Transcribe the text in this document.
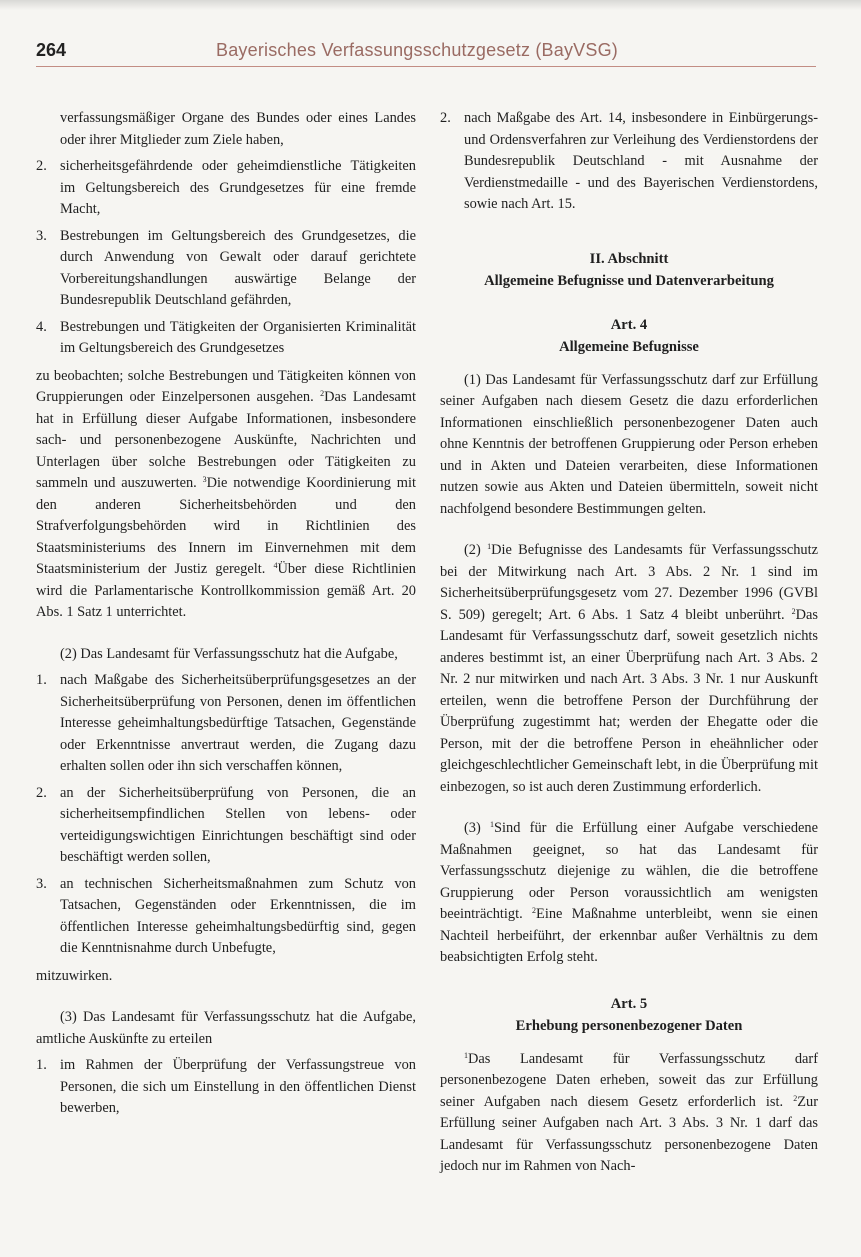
264	Bayerisches Verfassungsschutzgesetz (BayVSG)

verfassungsmäßiger Organe des Bundes oder eines Landes oder ihrer Mitglieder zum Ziele haben,

2. sicherheitsgefährdende oder geheimdienstliche Tätigkeiten im Geltungsbereich des Grundgesetzes für eine fremde Macht,
3. Bestrebungen im Geltungsbereich des Grundgesetzes, die durch Anwendung von Gewalt oder darauf gerichtete Vorbereitungshandlungen auswärtige Belange der Bundesrepublik Deutschland gefährden,
4. Bestrebungen und Tätigkeiten der Organisierten Kriminalität im Geltungsbereich des Grundgesetzes

zu beobachten; solche Bestrebungen und Tätigkeiten können von Gruppierungen oder Einzelpersonen ausgehen. $^2$Das Landesamt hat in Erfüllung dieser Aufgabe Informationen, insbesondere sach- und personenbezogene Auskünfte, Nachrichten und Unterlagen über solche Bestrebungen oder Tätigkeiten zu sammeln und auszuwerten. $^3$Die notwendige Koordinierung mit den anderen Sicherheitsbehörden und den Strafverfolgungsbehörden wird in Richtlinien des Staatsministeriums des Innern im Einvernehmen mit dem Staatsministerium der Justiz geregelt. $^4$Über diese Richtlinien wird die Parlamentarische Kontrollkommission gemäß Art. 20 Abs. 1 Satz 1 unterrichtet.

(2) Das Landesamt für Verfassungsschutz hat die Aufgabe,

1. nach Maßgabe des Sicherheitsüberprüfungsgesetzes an der Sicherheitsüberprüfung von Personen, denen im öffentlichen Interesse geheimhaltungsbedürftige Tatsachen, Gegenstände oder Erkenntnisse anvertraut werden, die Zugang dazu erhalten sollen oder ihn sich verschaffen können,
2. an der Sicherheitsüberprüfung von Personen, die an sicherheitsempfindlichen Stellen von lebens- oder verteidigungswichtigen Einrichtungen beschäftigt sind oder beschäftigt werden sollen,
3. an technischen Sicherheitsmaßnahmen zum Schutz von Tatsachen, Gegenständen oder Erkenntnissen, die im öffentlichen Interesse geheimhaltungsbedürftig sind, gegen die Kenntnisnahme durch Unbefugte,

mitzuwirken.

(3) Das Landesamt für Verfassungsschutz hat die Aufgabe, amtliche Auskünfte zu erteilen

1. im Rahmen der Überprüfung der Verfassungstreue von Personen, die sich um Einstellung in den öffentlichen Dienst bewerben,
2. nach Maßgabe des Art. 14, insbesondere in Einbürgerungs- und Ordensverfahren zur Verleihung des Verdienstordens der Bundesrepublik Deutschland - mit Ausnahme der Verdienstmedaille - und des Bayerischen Verdienstordens, sowie nach Art. 15.
II. Abschnitt
Allgemeine Befugnisse und Datenverarbeitung
Art. 4
Allgemeine Befugnisse

(1) Das Landesamt für Verfassungsschutz darf zur Erfüllung seiner Aufgaben nach diesem Gesetz die dazu erforderlichen Informationen einschließlich personenbezogener Daten auch ohne Kenntnis der betroffenen Gruppierung oder Person erheben und in Akten und Dateien verarbeiten, diese Informationen nutzen sowie aus Akten und Dateien übermitteln, soweit nicht nachfolgend besondere Bestimmungen gelten.

(2) $^1$Die Befugnisse des Landesamts für Verfassungsschutz bei der Mitwirkung nach Art. 3 Abs. 2 Nr. 1 sind im Sicherheitsüberprüfungsgesetz vom 27. Dezember 1996 (GVBl S. 509) geregelt; Art. 6 Abs. 1 Satz 4 bleibt unberührt. $^2$Das Landesamt für Verfassungsschutz darf, soweit gesetzlich nichts anderes bestimmt ist, an einer Überprüfung nach Art. 3 Abs. 2 Nr. 2 nur mitwirken und nach Art. 3 Abs. 3 Nr. 1 nur Auskunft erteilen, wenn die betroffene Person der Durchführung der Überprüfung zugestimmt hat; werden der Ehegatte oder die Person, mit der die betroffene Person in eheähnlicher oder gleichgeschlechtlicher Gemeinschaft lebt, in die Überprüfung mit einbezogen, so ist auch deren Zustimmung erforderlich.

(3) $^1$Sind für die Erfüllung einer Aufgabe verschiedene Maßnahmen geeignet, so hat das Landesamt für Verfassungsschutz diejenige zu wählen, die die betroffene Gruppierung oder Person voraussichtlich am wenigsten beeinträchtigt. $^2$Eine Maßnahme unterbleibt, wenn sie einen Nachteil herbeiführt, der erkennbar außer Verhältnis zu dem beabsichtigten Erfolg steht.

Art. 5
Erhebung personenbezogener Daten

$^1$Das Landesamt für Verfassungsschutz darf personenbezogene Daten erheben, soweit das zur Erfüllung seiner Aufgaben nach diesem Gesetz erforderlich ist. $^2$Zur Erfüllung seiner Aufgaben nach Art. 3 Abs. 3 Nr. 1 darf das Landesamt für Verfassungsschutz personenbezogene Daten jedoch nur im Rahmen von Nach-
